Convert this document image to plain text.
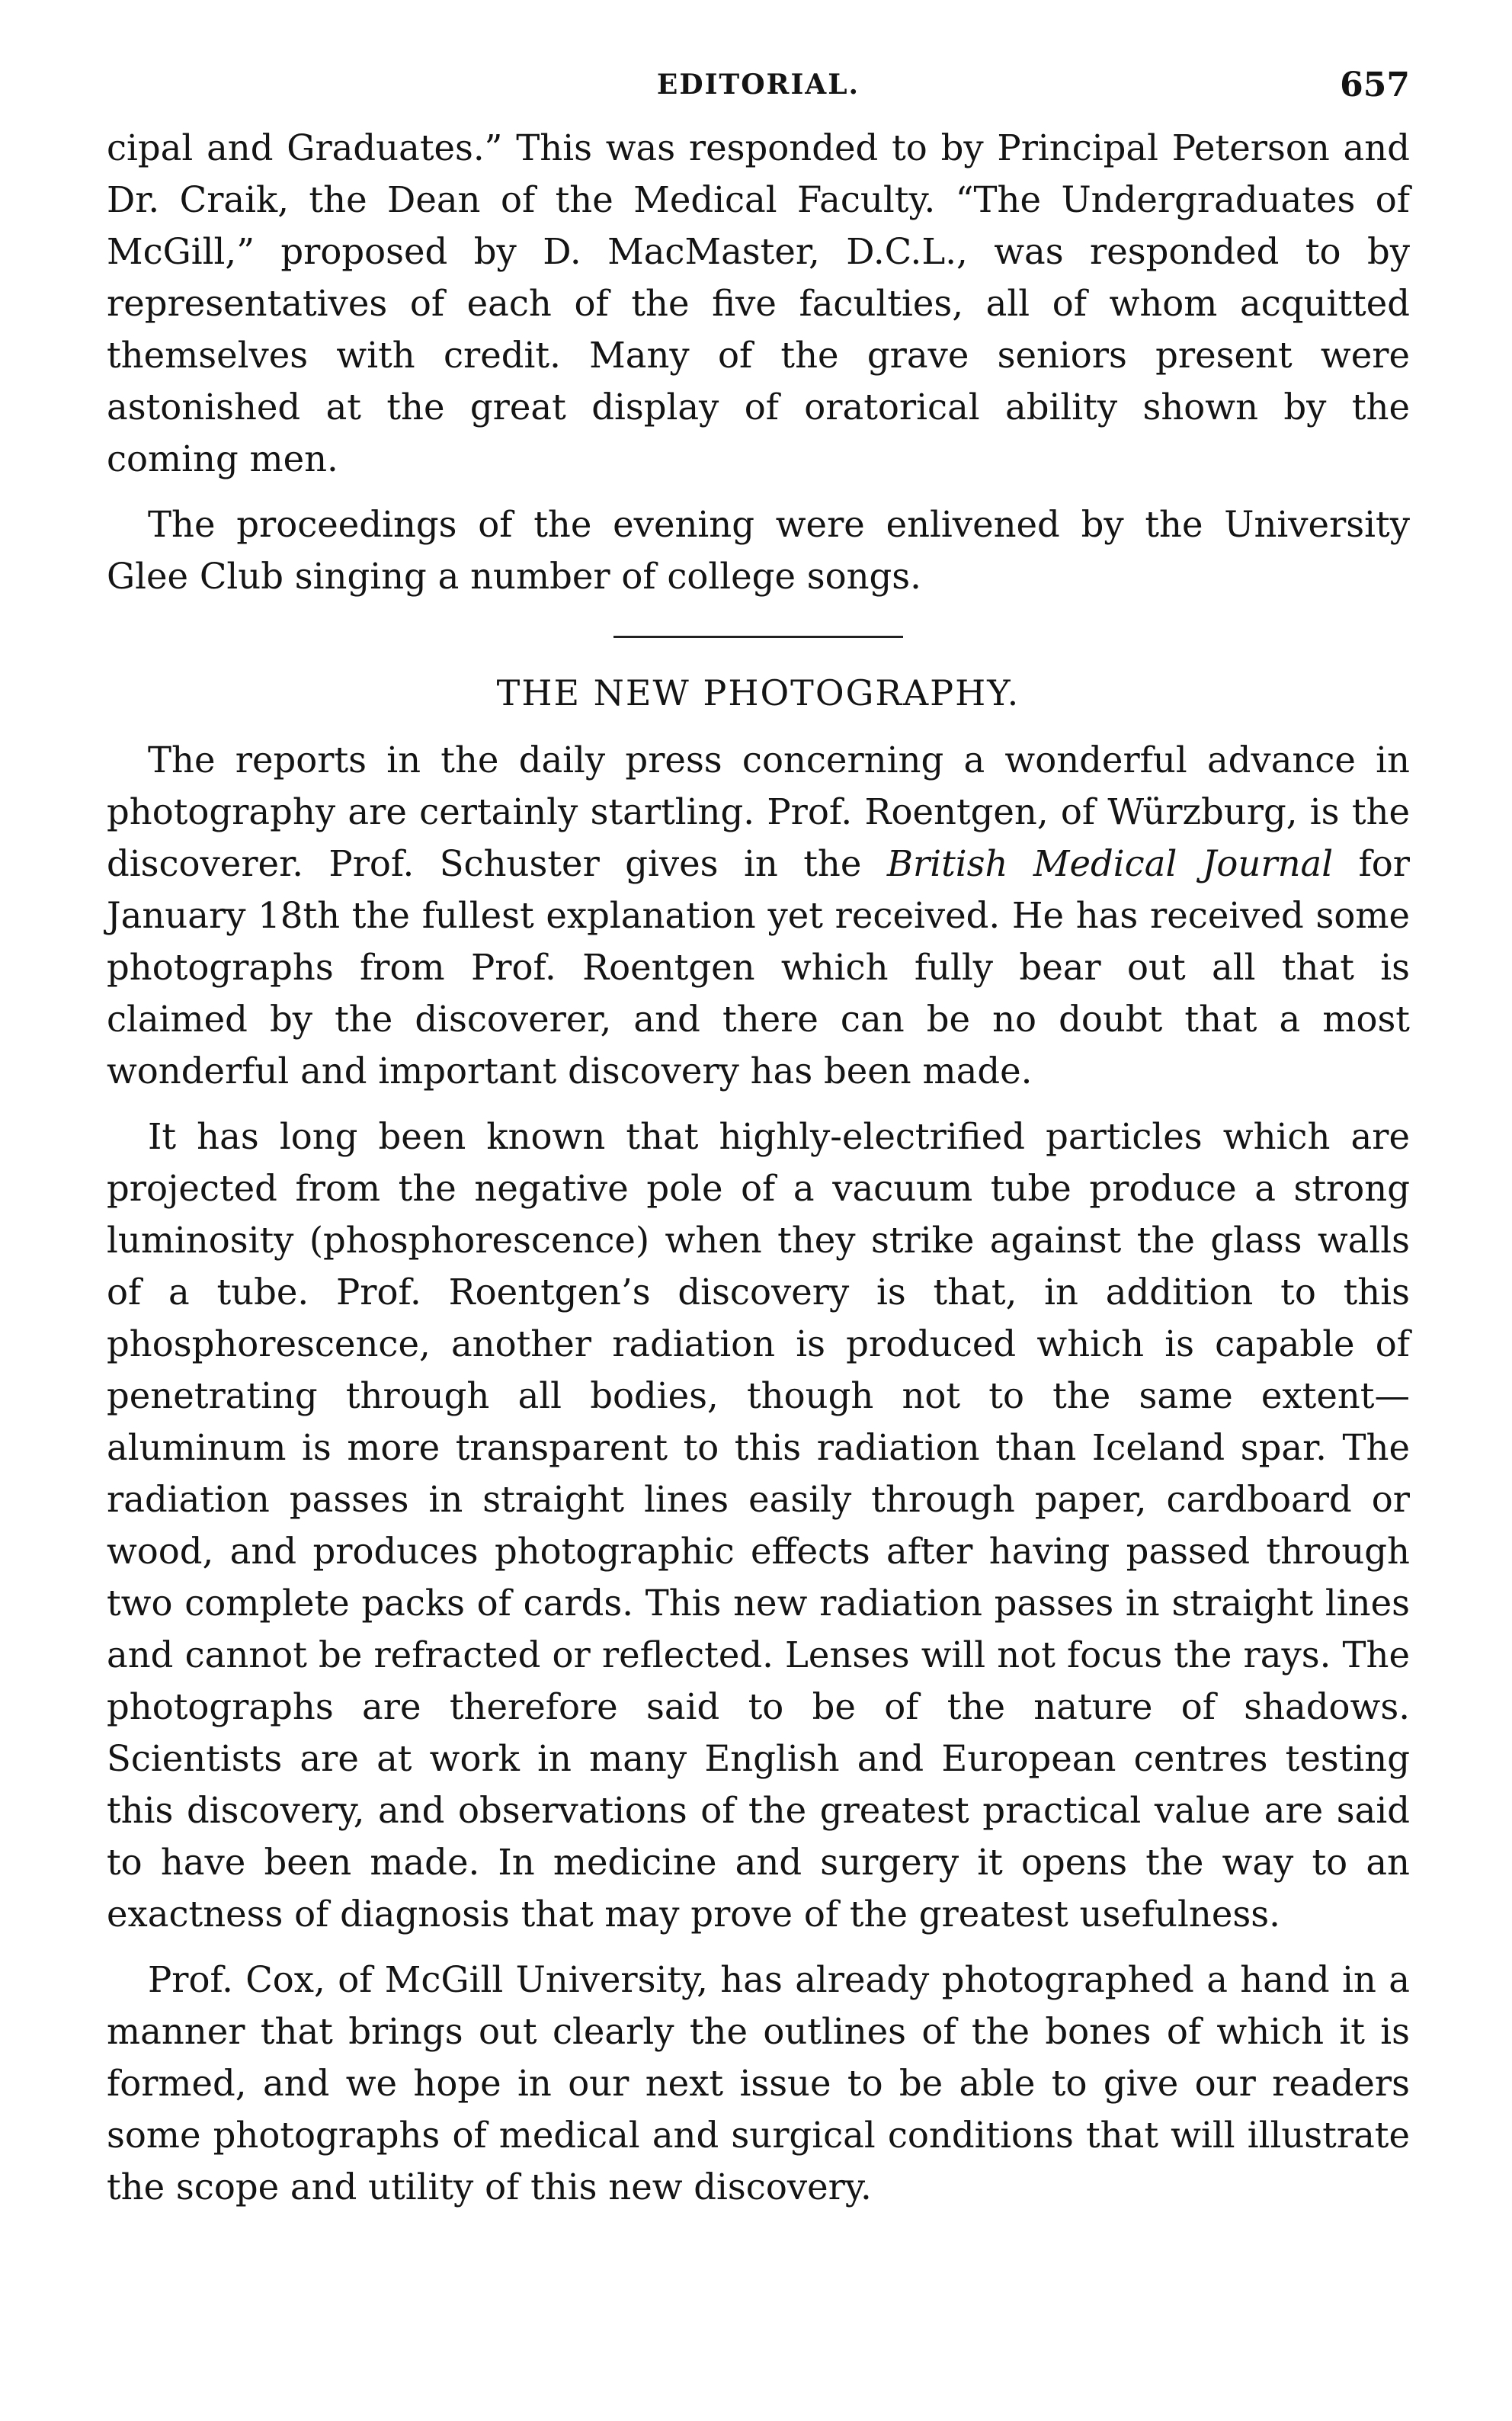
EDITORIAL.	657

cipal and Graduates.” This was responded to by Principal Peterson and Dr. Craik, the Dean of the Medical Faculty. “The Undergraduates of McGill,” proposed by D. MacMaster, D.C.L., was responded to by representatives of each of the five faculties, all of whom acquitted themselves with credit. Many of the grave seniors present were astonished at the great display of oratorical ability shown by the coming men.

The proceedings of the evening were enlivened by the University Glee Club singing a number of college songs.

THE NEW PHOTOGRAPHY.

The reports in the daily press concerning a wonderful advance in photography are certainly startling. Prof. Roentgen, of Würzburg, is the discoverer. Prof. Schuster gives in the British Medical Journal for January 18th the fullest explanation yet received. He has received some photographs from Prof. Roentgen which fully bear out all that is claimed by the discoverer, and there can be no doubt that a most wonderful and important discovery has been made.

It has long been known that highly-electrified particles which are projected from the negative pole of a vacuum tube produce a strong luminosity (phosphorescence) when they strike against the glass walls of a tube. Prof. Roentgen’s discovery is that, in addition to this phosphorescence, another radiation is produced which is capable of penetrating through all bodies, though not to the same extent—aluminum is more transparent to this radiation than Iceland spar. The radiation passes in straight lines easily through paper, cardboard or wood, and produces photographic effects after having passed through two complete packs of cards. This new radiation passes in straight lines and cannot be refracted or reflected. Lenses will not focus the rays. The photographs are therefore said to be of the nature of shadows. Scientists are at work in many English and European centres testing this discovery, and observations of the greatest practical value are said to have been made. In medicine and surgery it opens the way to an exactness of diagnosis that may prove of the greatest usefulness.

Prof. Cox, of McGill University, has already photographed a hand in a manner that brings out clearly the outlines of the bones of which it is formed, and we hope in our next issue to be able to give our readers some photographs of medical and surgical conditions that will illustrate the scope and utility of this new discovery.
